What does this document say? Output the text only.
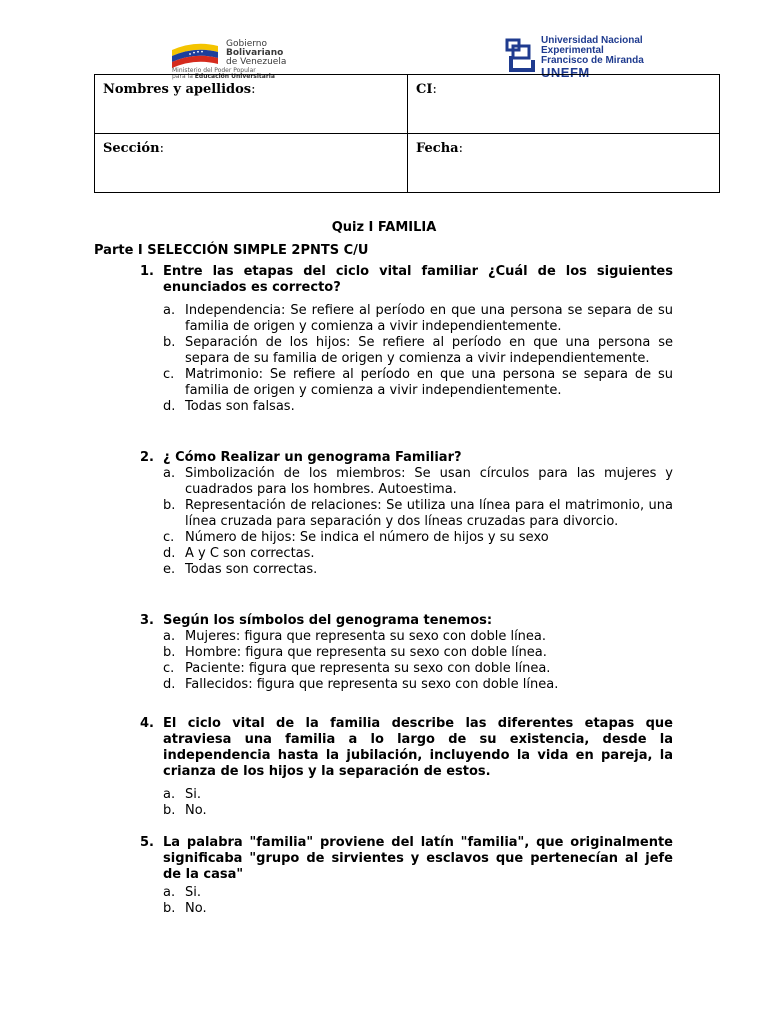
Gobierno
Bolivariano
de Venezuela
Ministerio del Poder Popular
para la Educación Universitaria
Universidad Nacional
Experimental
Francisco de Miranda
UNEFM
Nombres y apellidos:	CI:
Sección:	Fecha:
Quiz I FAMILIA
Parte I SELECCIÓN SIMPLE 2PNTS C/U
1. Entre las etapas del ciclo vital familiar ¿Cuál de los siguientes enunciados es correcto?
a. Independencia: Se refiere al período en que una persona se separa de su familia de origen y comienza a vivir independientemente.
b. Separación de los hijos: Se refiere al período en que una persona se separa de su familia de origen y comienza a vivir independientemente.
c. Matrimonio: Se refiere al período en que una persona se separa de su familia de origen y comienza a vivir independientemente.
d. Todas son falsas.
2. ¿ Cómo Realizar un genograma Familiar?
a. Simbolización de los miembros: Se usan círculos para las mujeres y cuadrados para los hombres. Autoestima.
b. Representación de relaciones: Se utiliza una línea para el matrimonio, una línea cruzada para separación y dos líneas cruzadas para divorcio.
c. Número de hijos: Se indica el número de hijos y su sexo
d. A y C son correctas.
e. Todas son correctas.
3. Según los símbolos del genograma tenemos:
a. Mujeres: figura que representa su sexo con doble línea.
b. Hombre: figura que representa su sexo con doble línea.
c. Paciente: figura que representa su sexo con doble línea.
d. Fallecidos: figura que representa su sexo con doble línea.
4. El ciclo vital de la familia describe las diferentes etapas que atraviesa una familia a lo largo de su existencia, desde la independencia hasta la jubilación, incluyendo la vida en pareja, la crianza de los hijos y la separación de estos.
a. Si.
b. No.
5. La palabra "familia" proviene del latín "familia", que originalmente significaba "grupo de sirvientes y esclavos que pertenecían al jefe de la casa"
a. Si.
b. No.
